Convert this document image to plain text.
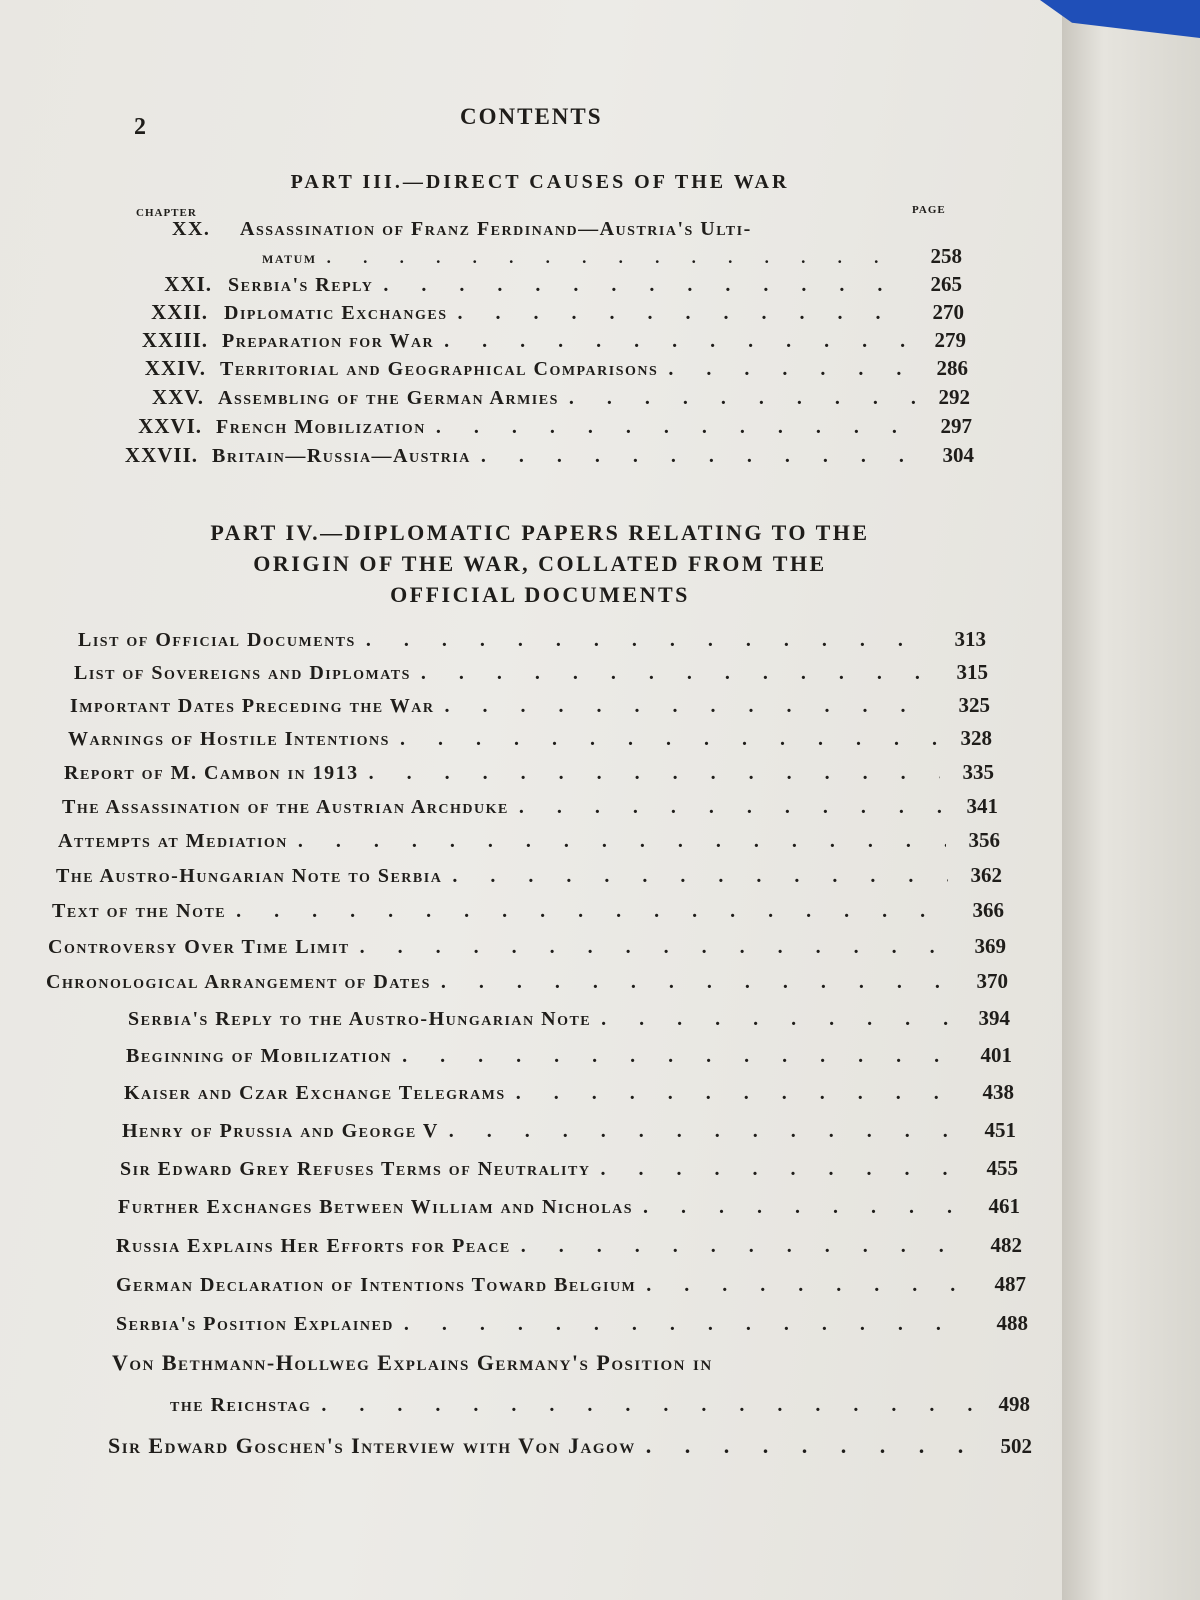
2	CONTENTS
PART III.—DIRECT CAUSES OF THE WAR
CHAPTER	PAGE
XX. Assassination of Franz Ferdinand—Austria's Ulti-
matum . . .	258
XXI. Serbia's Reply . . .	265
XXII. Diplomatic Exchanges . . .	270
XXIII. Preparation for War . . .	279
XXIV. Territorial and Geographical Comparisons . . .	286
XXV. Assembling of the German Armies . . .	292
XXVI. French Mobilization . . .	297
XXVII. Britain—Russia—Austria . . .	304
PART IV.—DIPLOMATIC PAPERS RELATING TO THE
ORIGIN OF THE WAR, COLLATED FROM THE
OFFICIAL DOCUMENTS
List of Official Documents . . .	313
List of Sovereigns and Diplomats . . .	315
Important Dates Preceding the War . . .	325
Warnings of Hostile Intentions . . .	328
Report of M. Cambon in 1913 . . .	335
The Assassination of the Austrian Archduke . . .	341
Attempts at Mediation . . .	356
The Austro-Hungarian Note to Serbia . . .	362
Text of the Note . . .	366
Controversy Over Time Limit . . .	369
Chronological Arrangement of Dates . . .	370
Serbia's Reply to the Austro-Hungarian Note . . .	394
Beginning of Mobilization . . .	401
Kaiser and Czar Exchange Telegrams . . .	438
Henry of Prussia and George V . . .	451
Sir Edward Grey Refuses Terms of Neutrality . . .	455
Further Exchanges Between William and Nicholas . . .	461
Russia Explains Her Efforts for Peace . . .	482
German Declaration of Intentions Toward Belgium . . .	487
Serbia's Position Explained . . .	488
Von Bethmann-Hollweg Explains Germany's Position in
the Reichstag . . .	498
Sir Edward Goschen's Interview with Von Jagow . . .	502
